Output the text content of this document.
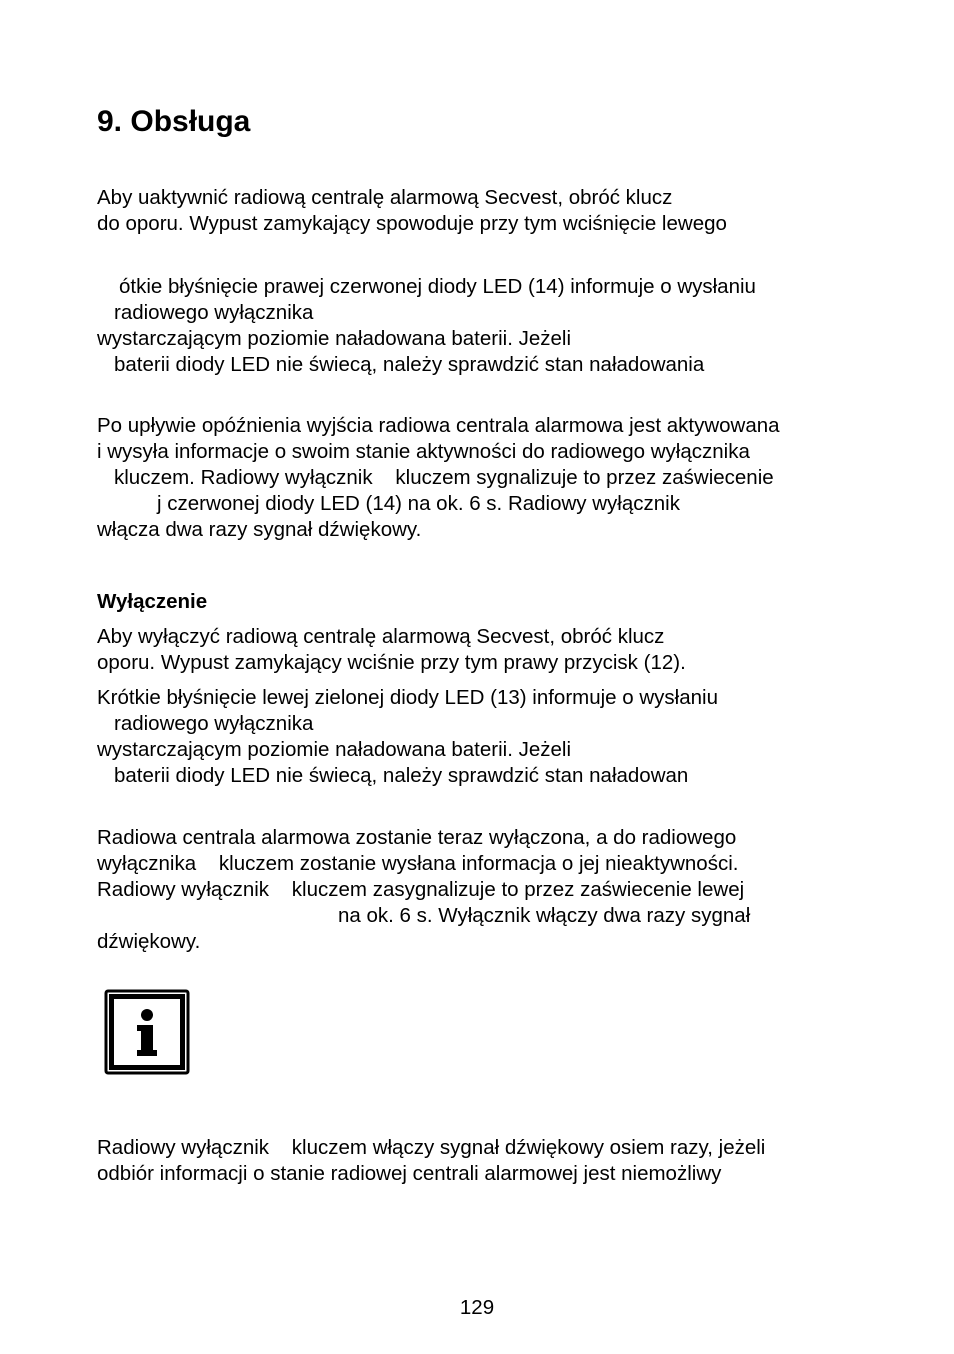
9. Obsługa
Aby uaktywnić radiową centralę alarmową Secvest, obróć klucz
do oporu. Wypust zamykający spowoduje przy tym wciśnięcie lewego
ótkie błyśnięcie prawej czerwonej diody LED (14) informuje o wysłaniu
radiowego wyłącznika
wystarczającym poziomie naładowana baterii. Jeżeli
baterii diody LED nie świecą, należy sprawdzić stan naładowania
Po upływie opóźnienia wyjścia radiowa centrala alarmowa jest aktywowana
i wysyła informacje o swoim stanie aktywności do radiowego wyłącznika
kluczem. Radiowy wyłącznik    kluczem sygnalizuje to przez zaświecenie
j czerwonej diody LED (14) na ok. 6 s. Radiowy wyłącznik
włącza dwa razy sygnał dźwiękowy.
Wyłączenie
Aby wyłączyć radiową centralę alarmową Secvest, obróć klucz
oporu. Wypust zamykający wciśnie przy tym prawy przycisk (12).
Krótkie błyśnięcie lewej zielonej diody LED (13) informuje o wysłaniu
radiowego wyłącznika
wystarczającym poziomie naładowana baterii. Jeżeli
baterii diody LED nie świecą, należy sprawdzić stan naładowan
Radiowa centrala alarmowa zostanie teraz wyłączona, a do radiowego
wyłącznika    kluczem zostanie wysłana informacja o jej nieaktywności.
Radiowy wyłącznik    kluczem zasygnalizuje to przez zaświecenie lewej
na ok. 6 s. Wyłącznik włączy dwa razy sygnał
dźwiękowy.
Radiowy wyłącznik    kluczem włączy sygnał dźwiękowy osiem razy, jeżeli
odbiór informacji o stanie radiowej centrali alarmowej jest niemożliwy
129
